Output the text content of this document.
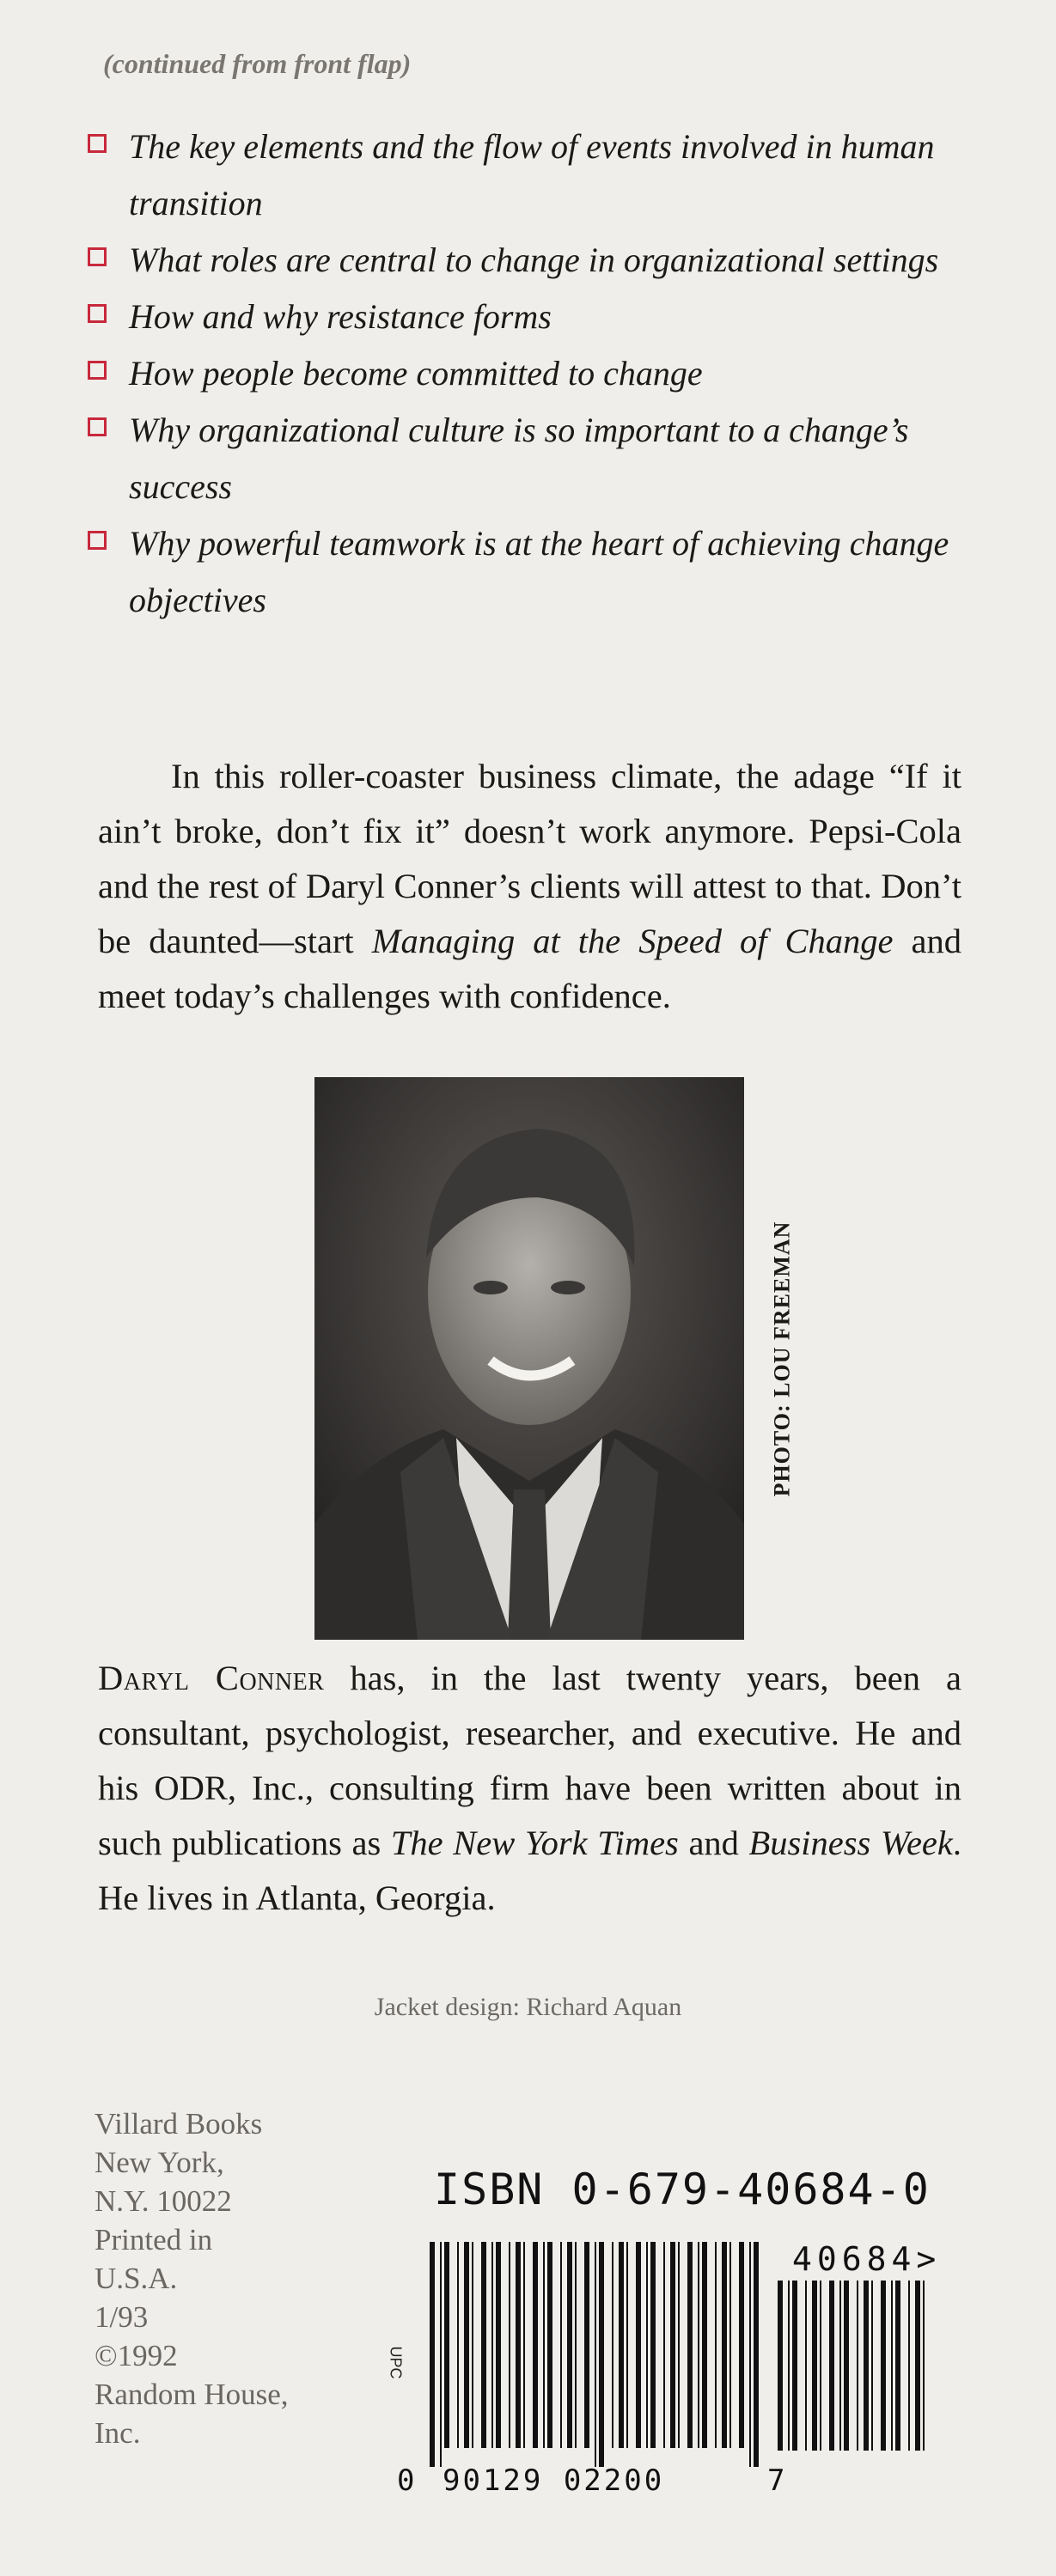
(continued from front flap)
The key elements and the flow of events involved in human transition
What roles are central to change in organizational settings
How and why resistance forms
How people become committed to change
Why organizational culture is so important to a change’s success
Why powerful teamwork is at the heart of achieving change objectives

In this roller-coaster business climate, the adage “If it ain’t broke, don’t fix it” doesn’t work anymore. Pepsi-Cola and the rest of Daryl Conner’s clients will attest to that. Don’t be daunted—start Managing at the Speed of Change and meet today’s challenges with confidence.

PHOTO: LOU FREEMAN

Daryl Conner has, in the last twenty years, been a consultant, psychologist, researcher, and executive. He and his ODR, Inc., consulting firm have been written about in such publications as The New York Times and Business Week. He lives in Atlanta, Georgia.

Jacket design: Richard Aquan
Villard Books
New York,
N.Y. 10022
Printed in
U.S.A.
1/93
©1992
Random House,
Inc.
ISBN 0-679-40684-0
UPC
40684>
0 90129 02200	7
